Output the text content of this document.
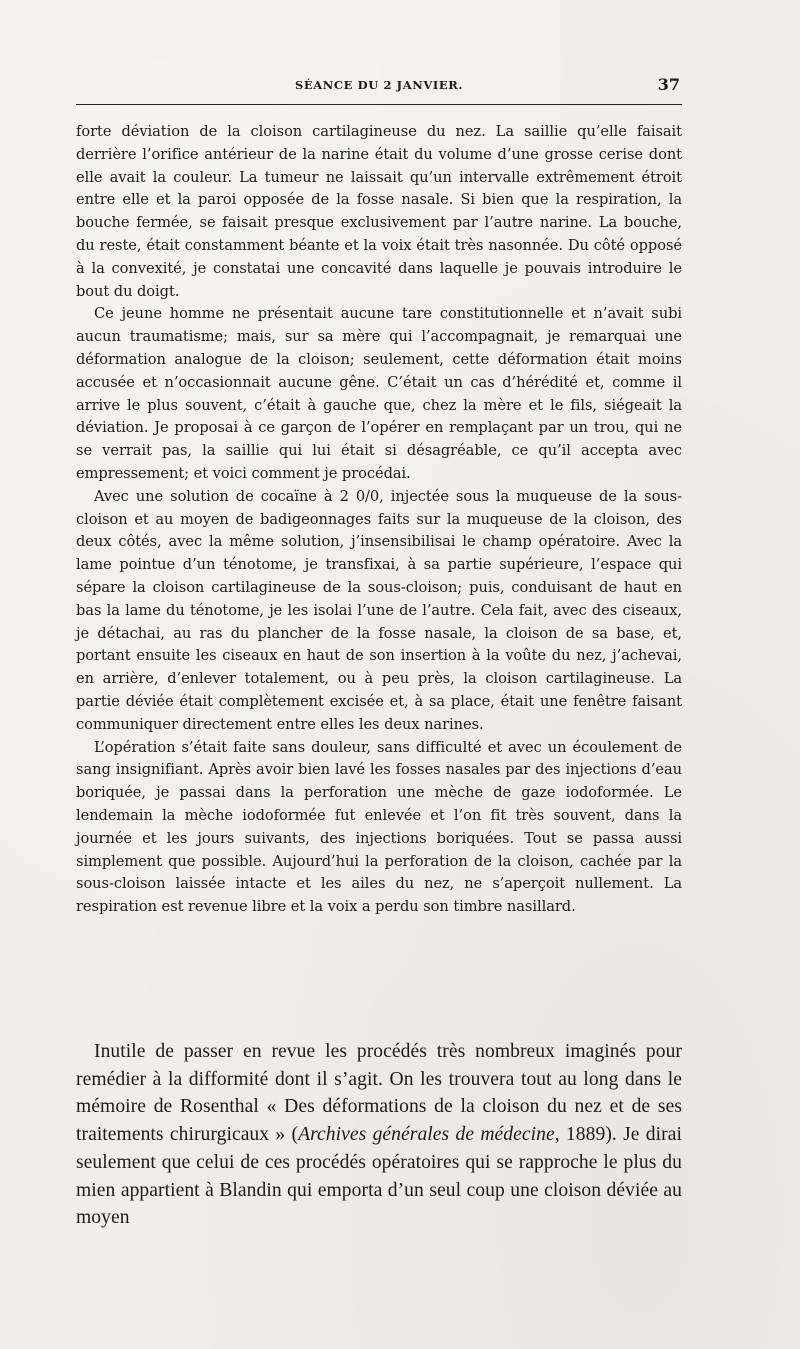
SÉANCE DU 2 JANVIER.	37

forte déviation de la cloison cartilagineuse du nez. La saillie qu’elle faisait derrière l’orifice antérieur de la narine était du volume d’une grosse cerise dont elle avait la couleur. La tumeur ne laissait qu’un intervalle extrêmement étroit entre elle et la paroi opposée de la fosse nasale. Si bien que la respiration, la bouche fermée, se faisait presque exclusivement par l’autre narine. La bouche, du reste, était constamment béante et la voix était très nasonnée. Du côté opposé à la convexité, je constatai une concavité dans laquelle je pouvais introduire le bout du doigt.

Ce jeune homme ne présentait aucune tare constitutionnelle et n’avait subi aucun traumatisme; mais, sur sa mère qui l’accompagnait, je remarquai une déformation analogue de la cloison; seulement, cette déformation était moins accusée et n’occasionnait aucune gêne. C’était un cas d’hérédité et, comme il arrive le plus souvent, c’était à gauche que, chez la mère et le fils, siégeait la déviation. Je proposai à ce garçon de l’opérer en remplaçant par un trou, qui ne se verrait pas, la saillie qui lui était si désagréable, ce qu’il accepta avec empressement; et voici comment je procédai.

Avec une solution de cocaïne à 2 0/0, injectée sous la muqueuse de la sous-cloison et au moyen de badigeonnages faits sur la muqueuse de la cloison, des deux côtés, avec la même solution, j’insensibilisai le champ opératoire. Avec la lame pointue d’un ténotome, je transfixai, à sa partie supérieure, l’espace qui sépare la cloison cartilagineuse de la sous-cloison; puis, conduisant de haut en bas la lame du ténotome, je les isolai l’une de l’autre. Cela fait, avec des ciseaux, je détachai, au ras du plancher de la fosse nasale, la cloison de sa base, et, portant ensuite les ciseaux en haut de son insertion à la voûte du nez, j’achevai, en arrière, d’enlever totalement, ou à peu près, la cloison cartilagineuse. La partie déviée était complètement excisée et, à sa place, était une fenêtre faisant communiquer directement entre elles les deux narines.

L’opération s’était faite sans douleur, sans difficulté et avec un écoulement de sang insignifiant. Après avoir bien lavé les fosses nasales par des injections d’eau boriquée, je passai dans la perforation une mèche de gaze iodoformée. Le lendemain la mèche iodoformée fut enlevée et l’on fit très souvent, dans la journée et les jours suivants, des injections boriquées. Tout se passa aussi simplement que possible. Aujourd’hui la perforation de la cloison, cachée par la sous-cloison laissée intacte et les ailes du nez, ne s’aperçoit nullement. La respiration est revenue libre et la voix a perdu son timbre nasillard.

Inutile de passer en revue les procédés très nombreux imaginés pour remédier à la difformité dont il s’agit. On les trouvera tout au long dans le mémoire de Rosenthal « Des déformations de la cloison du nez et de ses traitements chirurgicaux » (Archives générales de médecine, 1889). Je dirai seulement que celui de ces procédés opératoires qui se rapproche le plus du mien appartient à Blandin qui emporta d’un seul coup une cloison déviée au moyen
